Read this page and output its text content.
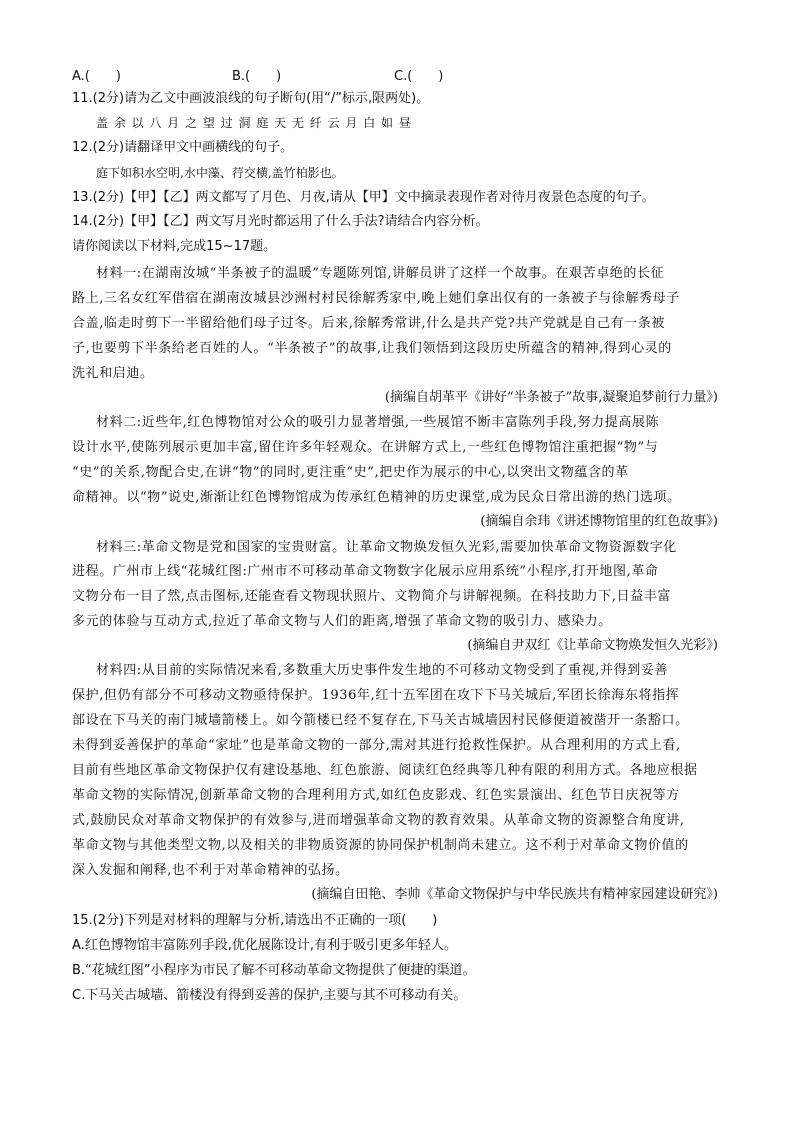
A.(　　)	B.(　　)	C.(　　)
11.(2分)请为乙文中画波浪线的句子断句(用“/”标示,限两处)。
盖 余 以 八 月 之 望 过 洞 庭 天 无 纤 云 月 白 如 昼
12.(2分)请翻译甲文中画横线的句子。
庭下如积水空明,水中藻、荇交横,盖竹柏影也。
13.(2分)【甲】【乙】两文都写了月色、月夜,请从【甲】文中摘录表现作者对待月夜景色态度的句子。
14.(2分)【甲】【乙】两文写月光时都运用了什么手法?请结合内容分析。
请你阅读以下材料,完成15~17题。
材料一:在湖南汝城“半条被子的温暖”专题陈列馆,讲解员讲了这样一个故事。在艰苦卓绝的长征
路上,三名女红军借宿在湖南汝城县沙洲村村民徐解秀家中,晚上她们拿出仅有的一条被子与徐解秀母子
合盖,临走时剪下一半留给他们母子过冬。后来,徐解秀常讲,什么是共产党?共产党就是自己有一条被
子,也要剪下半条给老百姓的人。“半条被子”的故事,让我们领悟到这段历史所蕴含的精神,得到心灵的
洗礼和启迪。
(摘编自胡革平《讲好“半条被子”故事,凝聚追梦前行力量》)
材料二:近些年,红色博物馆对公众的吸引力显著增强,一些展馆不断丰富陈列手段,努力提高展陈
设计水平,使陈列展示更加丰富,留住许多年轻观众。在讲解方式上,一些红色博物馆注重把握“物”与
“史”的关系,物配合史,在讲“物”的同时,更注重“史”,把史作为展示的中心,以突出文物蕴含的革
命精神。以“物”说史,渐渐让红色博物馆成为传承红色精神的历史课堂,成为民众日常出游的热门选项。
(摘编自余玮《讲述博物馆里的红色故事》)
材料三:革命文物是党和国家的宝贵财富。让革命文物焕发恒久光彩,需要加快革命文物资源数字化
进程。广州市上线“花城红图:广州市不可移动革命文物数字化展示应用系统”小程序,打开地图,革命
文物分布一目了然,点击图标,还能查看文物现状照片、文物简介与讲解视频。在科技助力下,日益丰富
多元的体验与互动方式,拉近了革命文物与人们的距离,增强了革命文物的吸引力、感染力。
(摘编自尹双红《让革命文物焕发恒久光彩》)
材料四:从目前的实际情况来看,多数重大历史事件发生地的不可移动文物受到了重视,并得到妥善
保护,但仍有部分不可移动文物亟待保护。1936年,红十五军团在攻下下马关城后,军团长徐海东将指挥
部设在下马关的南门城墙箭楼上。如今箭楼已经不复存在,下马关古城墙因村民修便道被凿开一条豁口。
未得到妥善保护的革命“家址”也是革命文物的一部分,需对其进行抢救性保护。从合理利用的方式上看,
目前有些地区革命文物保护仅有建设基地、红色旅游、阅读红色经典等几种有限的利用方式。各地应根据
革命文物的实际情况,创新革命文物的合理利用方式,如红色皮影戏、红色实景演出、红色节日庆祝等方
式,鼓励民众对革命文物保护的有效参与,进而增强革命文物的教育效果。从革命文物的资源整合角度讲,
革命文物与其他类型文物,以及相关的非物质资源的协同保护机制尚未建立。这不利于对革命文物价值的
深入发掘和阐释,也不利于对革命精神的弘扬。
(摘编自田艳、李帅《革命文物保护与中华民族共有精神家园建设研究》)
15.(2分)下列是对材料的理解与分析,请选出不正确的一项(　　)
A.红色博物馆丰富陈列手段,优化展陈设计,有利于吸引更多年轻人。
B.“花城红图”小程序为市民了解不可移动革命文物提供了便捷的渠道。
C.下马关古城墙、箭楼没有得到妥善的保护,主要与其不可移动有关。
